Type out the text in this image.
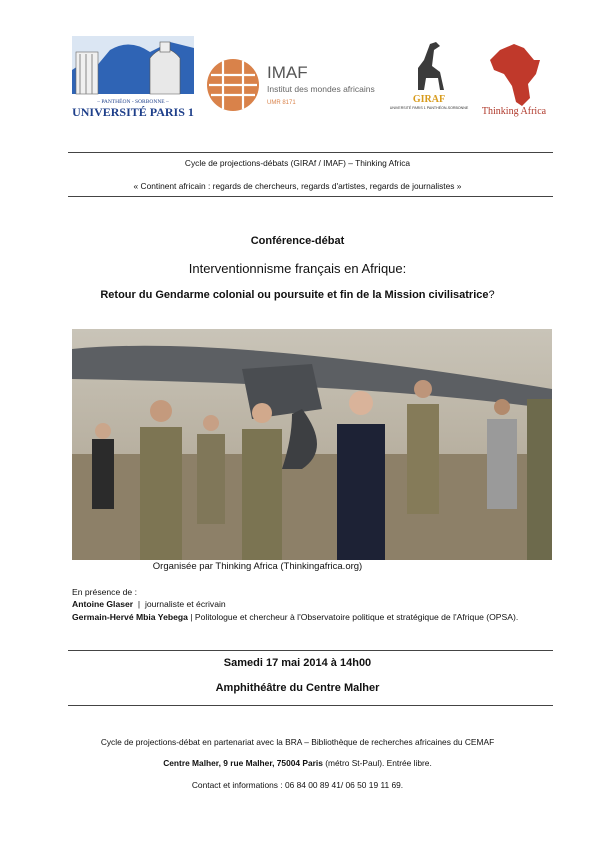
– PANTHÉON - SORBONNE –
UNIVERSITÉ PARIS 1
IMAF
Institut des mondes africains
UMR 8171	GIRAF
UNIVERSITÉ PARIS 1 PANTHÉON-SORBONNE Thinking Africa
Cycle de projections-débats (GIRAf / IMAF) – Thinking Africa
« Continent africain : regards de chercheurs, regards d'artistes, regards de journalistes »
Conférence-débat
Interventionnisme français en Afrique:
Retour du Gendarme colonial ou poursuite et fin de la Mission civilisatrice?
Organisée par Thinking Africa (Thinkingafrica.org)
En présence de :
Antoine Glaser  |  journaliste et écrivain
Germain-Hervé Mbia Yebega | Politologue et chercheur à l'Observatoire politique et stratégique de l'Afrique (OPSA).
Samedi 17 mai 2014 à 14h00
Amphithéâtre du Centre Malher
Cycle de projections-débat en partenariat avec la BRA – Bibliothèque de recherches africaines du CEMAF
Centre Malher, 9 rue Malher, 75004 Paris (métro St-Paul). Entrée libre.
Contact et informations : 06 84 00 89 41/ 06 50 19 11 69.
